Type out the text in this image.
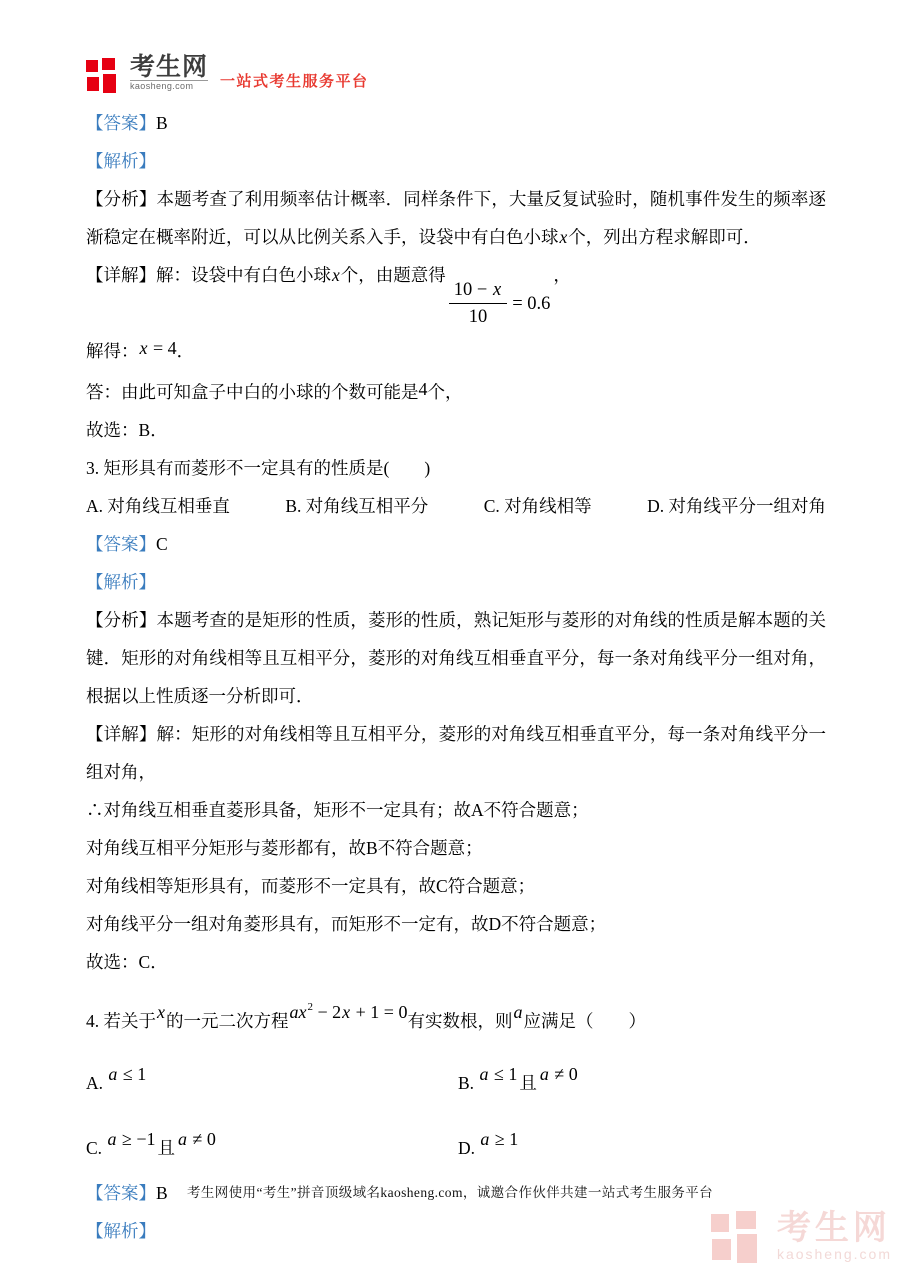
考生网
kaosheng.com	一站式考生服务平台

【答案】B

【解析】

【分析】本题考查了利用频率估计概率．同样条件下，大量反复试验时，随机事件发生的频率逐渐稳定在概率附近，可以从比例关系入手，设袋中有白色小球x个，列出方程求解即可．

【详解】解：设袋中有白色小球x个，由题意得
$\frac{10 - x}{10} = 0.6$
，

解得：x = 4．

答：由此可知盒子中白的小球的个数可能是4个，

故选：B．

3. 矩形具有而菱形不一定具有的性质是(　　)

A. 对角线互相垂直	B. 对角线互相平分	C. 对角线相等	D. 对角线平分一组对角

【答案】C

【解析】

【分析】本题考查的是矩形的性质，菱形的性质，熟记矩形与菱形的对角线的性质是解本题的关键．矩形的对角线相等且互相平分，菱形的对角线互相垂直平分，每一条对角线平分一组对角，根据以上性质逐一分析即可．

【详解】解：矩形的对角线相等且互相平分，菱形的对角线互相垂直平分，每一条对角线平分一组对角，

∴对角线互相垂直菱形具备，矩形不一定具有；故A不符合题意；

对角线互相平分矩形与菱形都有，故B不符合题意；

对角线相等矩形具有，而菱形不一定具有，故C符合题意；

对角线平分一组对角菱形具有，而矩形不一定有，故D不符合题意；

故选：C．

4. 若关于x的一元二次方程$ax^2 - 2x + 1 = 0$有实数根，则a应满足（　　）

A. a ≤ 1	B. a ≤ 1 且 a ≠ 0
C. a ≥ −1 且 a ≠ 0	D. a ≥ 1

【答案】B

【解析】

考生网使用“考生”拼音顶级域名kaosheng.com，诚邀合作伙伴共建一站式考生服务平台
考生网
kaosheng.com
